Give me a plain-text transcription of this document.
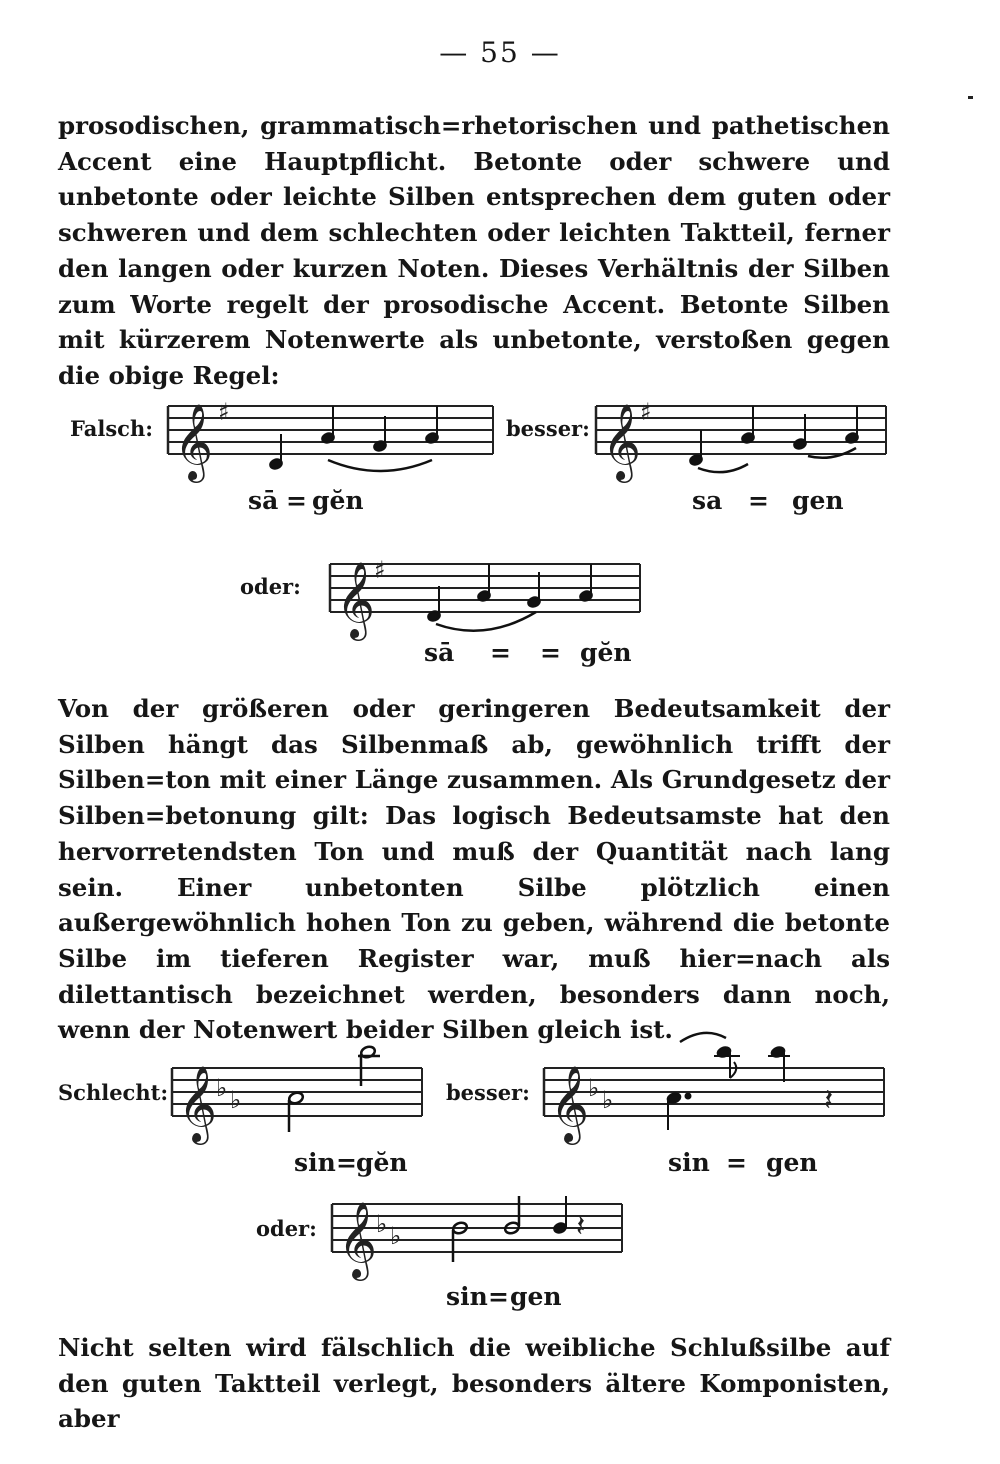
— 55 —
prosodischen, grammatisch=rhetorischen und pathetischen Accent eine Hauptpflicht. Betonte oder schwere und unbetonte oder leichte Silben entsprechen dem guten oder schweren und dem schlechten oder leichten Taktteil, ferner den langen oder kurzen Noten. Dieses Verhältnis der Silben zum Worte regelt der prosodische Accent. Betonte Silben mit kürzerem Notenwerte als unbetonte, verstoßen gegen die obige Regel:
Falsch: 𝄞 ♯
sā = gĕn
besser: 𝄞
♯
sa = gen
oder: 𝄞
♯
sā = = gĕn
Von der größeren oder geringeren Bedeutsamkeit der Silben hängt das Silbenmaß ab, gewöhnlich trifft der Silben=ton mit einer Länge zusammen. Als Grundgesetz der Silben=betonung gilt: Das logisch Bedeutsamste hat den hervorretendsten Ton und muß der Quantität nach lang sein. Einer unbetonten Silbe plötzlich einen außergewöhnlich hohen Ton zu geben, während die betonte Silbe im tieferen Register war, muß hier=nach als dilettantisch bezeichnet werden, besonders dann noch, wenn der Notenwert beider Silben gleich ist.
Schlecht: 𝄞
♭ ♭
sin = gĕn
besser: 𝄞
♭ ♭	𝄽
sin = gen
oder: 𝄞
♭ ♭	𝄽
sin = gen
Nicht selten wird fälschlich die weibliche Schlußsilbe auf den guten Taktteil verlegt, besonders ältere Komponisten, aber
